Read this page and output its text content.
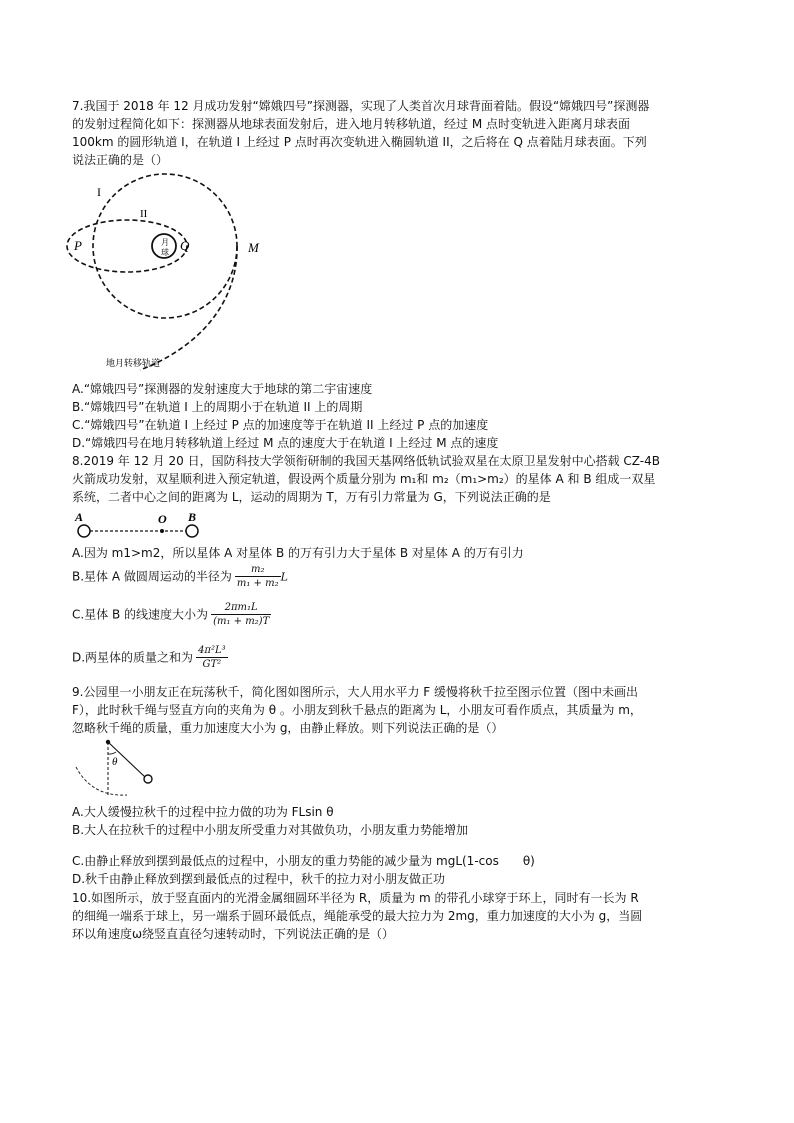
7.我国于 2018 年 12 月成功发射“嫦娥四号”探测器，实现了人类首次月球背面着陆。假设“嫦娥四号”探测器
的发射过程简化如下：探测器从地球表面发射后，进入地月转移轨道，经过 M 点时变轨进入距离月球表面
100km 的圆形轨道 I，在轨道 I 上经过 P 点时再次变轨进入椭圆轨道 II，之后将在 Q 点着陆月球表面。下列
说法正确的是（）
I
II
P	Q	M
月
球
地月转移轨道
A.“嫦娥四号”探测器的发射速度大于地球的第二宇宙速度
B.“嫦娥四号”在轨道 I 上的周期小于在轨道 II 上的周期
C.“嫦娥四号”在轨道 I 上经过 P 点的加速度等于在轨道 II 上经过 P 点的加速度
D.“嫦娥四号在地月转移轨道上经过 M 点的速度大于在轨道 I 上经过 M 点的速度
8.2019 年 12 月 20 日，国防科技大学领衔研制的我国天基网络低轨试验双星在太原卫星发射中心搭载 CZ-4B
火箭成功发射，双星顺利进入预定轨道，假设两个质量分别为 m₁和 m₂（m₁>m₂）的星体 A 和 B 组成一双星
系统，二者中心之间的距离为 L，运动的周期为 T，万有引力常量为 G，下列说法正确的是
A	O B
A.因为 m1>m2，所以星体 A 对星体 B 的万有引力大于星体 B 对星体 A 的万有引力
B.星体 A 做圆周运动的半径为 $\frac{\text{m₂}}{\text{m₁ + m₂}}$ L
C.星体 B 的线速度大小为 $\frac{\text{2πm₁L}}{\text{(m₁ + m₂)T}}$
D.两星体的质量之和为 $\frac{\text{4π²L³}}{\text{GT²}}$
9.公园里一小朋友正在玩荡秋千，简化图如图所示，大人用水平力 F 缓慢将秋千拉至图示位置（图中未画出
F），此时秋千绳与竖直方向的夹角为 θ 。小朋友到秋千悬点的距离为 L，小朋友可看作质点，其质量为 m，
忽略秋千绳的质量，重力加速度大小为 g，由静止释放。则下列说法正确的是（）
θ
A.大人缓慢拉秋千的过程中拉力做的功为 FLsin θ
B.大人在拉秋千的过程中小朋友所受重力对其做负功，小朋友重力势能增加
C.由静止释放到摆到最低点的过程中，小朋友的重力势能的减少量为 mgL(1-cos　　θ)
D.秋千由静止释放到摆到最低点的过程中，秋千的拉力对小朋友做正功
10.如图所示，放于竖直面内的光滑金属细圆环半径为 R，质量为 m 的带孔小球穿于环上，同时有一长为 R
的细绳一端系于球上，另一端系于圆环最低点，绳能承受的最大拉力为 2mg，重力加速度的大小为 g，当圆
环以角速度ω绕竖直直径匀速转动时，下列说法正确的是（）
